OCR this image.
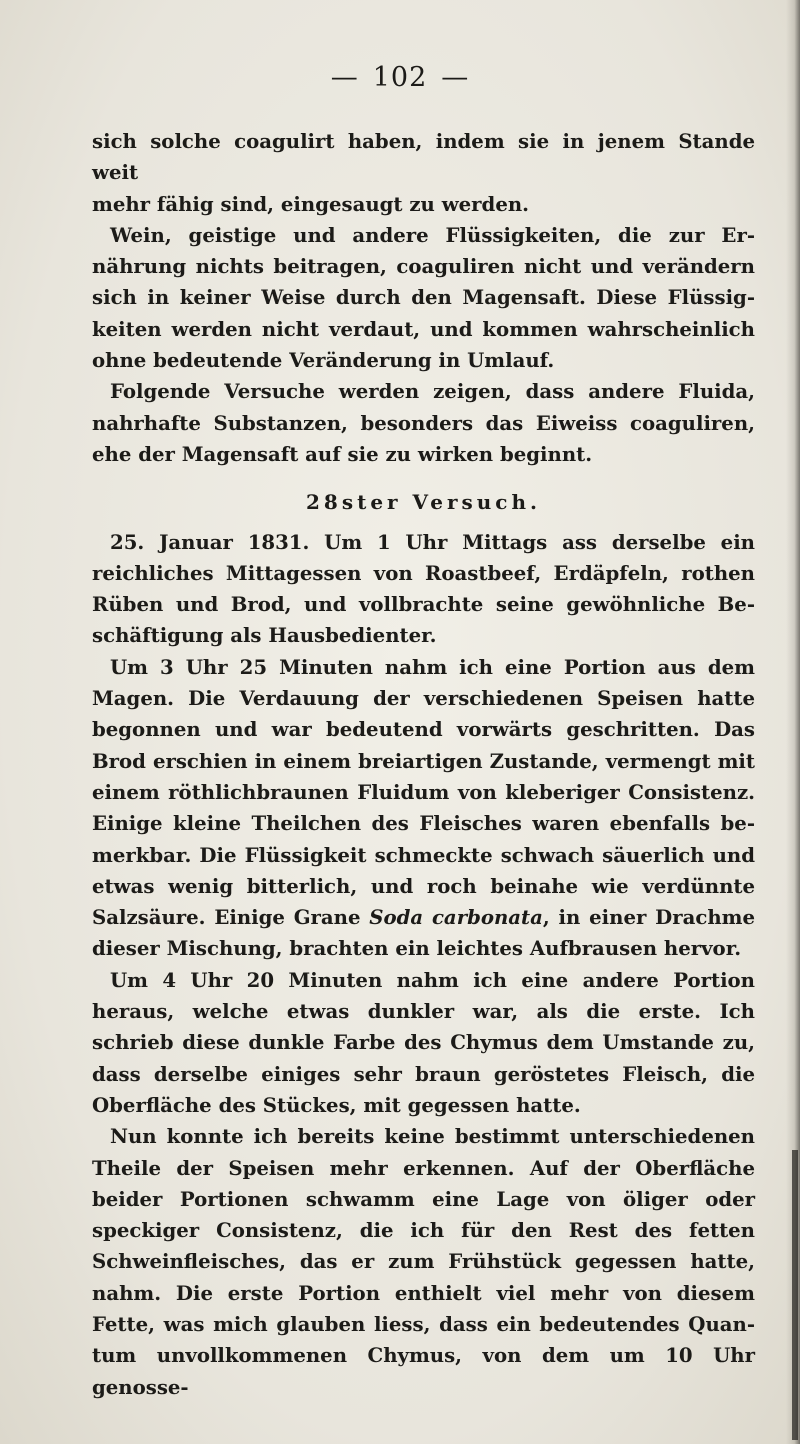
— 102 —

sich solche coagulirt haben, indem sie in jenem Stande weit

mehr fähig sind, eingesaugt zu werden.

Wein, geistige und andere Flüssigkeiten, die zur Er-

nährung nichts beitragen, coaguliren nicht und verändern

sich in keiner Weise durch den Magensaft. Diese Flüssig-

keiten werden nicht verdaut, und kommen wahrscheinlich

ohne bedeutende Veränderung in Umlauf.

Folgende Versuche werden zeigen, dass andere Fluida,

nahrhafte Substanzen, besonders das Eiweiss coaguliren,

ehe der Magensaft auf sie zu wirken beginnt.

28ster Versuch.

25. Januar 1831. Um 1 Uhr Mittags ass derselbe ein

reichliches Mittagessen von Roastbeef, Erdäpfeln, rothen

Rüben und Brod, und vollbrachte seine gewöhnliche Be-

schäftigung als Hausbedienter.

Um 3 Uhr 25 Minuten nahm ich eine Portion aus dem

Magen. Die Verdauung der verschiedenen Speisen hatte

begonnen und war bedeutend vorwärts geschritten. Das

Brod erschien in einem breiartigen Zustande, vermengt mit

einem röthlichbraunen Fluidum von kleberiger Consistenz.

Einige kleine Theilchen des Fleisches waren ebenfalls be-

merkbar. Die Flüssigkeit schmeckte schwach säuerlich und

etwas wenig bitterlich, und roch beinahe wie verdünnte

Salzsäure. Einige Grane Soda carbonata, in einer Drachme

dieser Mischung, brachten ein leichtes Aufbrausen hervor.

Um 4 Uhr 20 Minuten nahm ich eine andere Portion

heraus, welche etwas dunkler war, als die erste. Ich

schrieb diese dunkle Farbe des Chymus dem Umstande zu,

dass derselbe einiges sehr braun geröstetes Fleisch, die

Oberfläche des Stückes, mit gegessen hatte.

Nun konnte ich bereits keine bestimmt unterschiedenen

Theile der Speisen mehr erkennen. Auf der Oberfläche

beider Portionen schwamm eine Lage von öliger oder

speckiger Consistenz, die ich für den Rest des fetten

Schweinfleisches, das er zum Frühstück gegessen hatte,

nahm. Die erste Portion enthielt viel mehr von diesem

Fette, was mich glauben liess, dass ein bedeutendes Quan-

tum unvollkommenen Chymus, von dem um 10 Uhr genosse-
